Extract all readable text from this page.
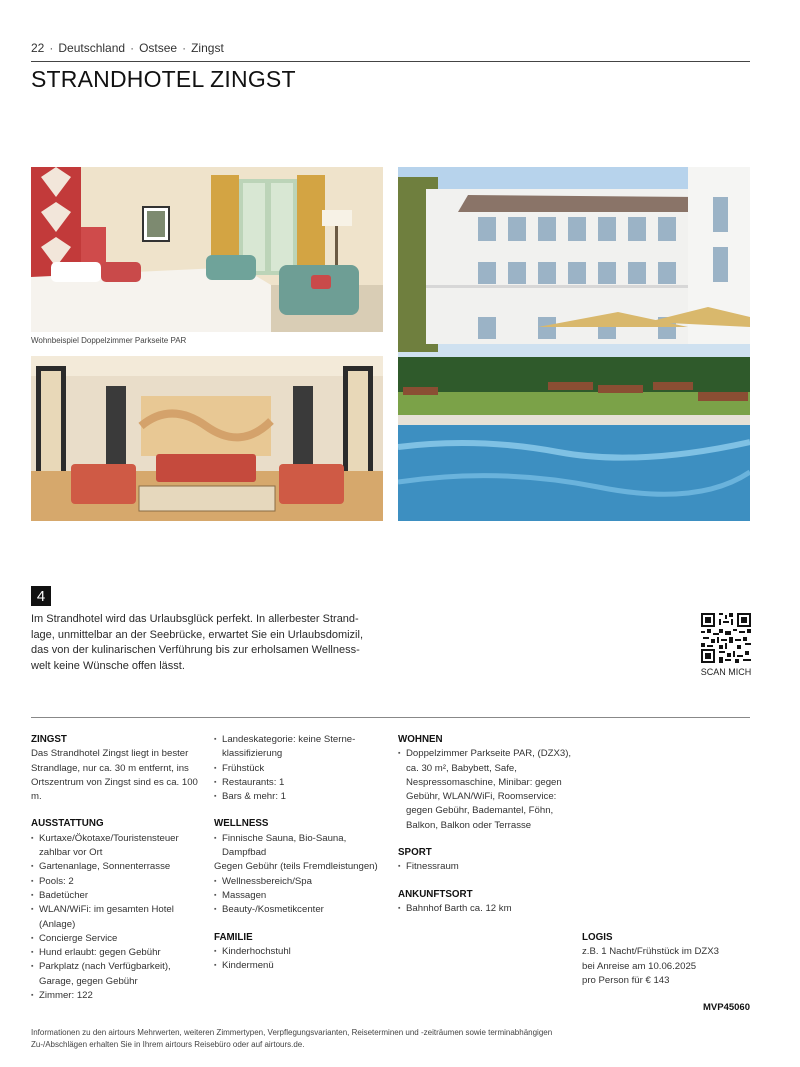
22 · Deutschland · Ostsee · Zingst
STRANDHOTEL ZINGST
Wohnbeispiel Doppelzimmer Parkseite PAR
4

Im Strandhotel wird das Urlaubsglück perfekt. In allerbester Strand-
lage, unmittelbar an der Seebrücke, erwartet Sie ein Urlaubsdomizil,
das von der kulinarischen Verführung bis zur erholsamen Wellness-
welt keine Wünsche offen lässt.

SCAN MICH
ZINGST

Das Strandhotel Zingst liegt in bester Strandlage, nur ca. 30 m entfernt, ins Ortszentrum von Zingst sind es ca. 100 m.

AUSSTATTUNG
▪ Kurtaxe/Ökotaxe/Touristensteuer zahlbar vor Ort
▪ Gartenanlage, Sonnenterrasse
▪ Pools: 2
▪ Badetücher
▪ WLAN/WiFi: im gesamten Hotel (Anlage)
▪ Concierge Service
▪ Hund erlaubt: gegen Gebühr
▪ Parkplatz (nach Verfügbarkeit), Garage, gegen Gebühr
▪ Zimmer: 122
▪ Landeskategorie: keine Sterne-klassifizierung
▪ Frühstück
▪ Restaurants: 1
▪ Bars & mehr: 1
WELLNESS
▪ Finnische Sauna, Bio-Sauna, Dampfbad
Gegen Gebühr (teils Fremdleistungen)
▪ Wellnessbereich/Spa
▪ Massagen
▪ Beauty-/Kosmetikcenter
FAMILIE
▪ Kinderhochstuhl
▪ Kindermenü
WOHNEN
▪ Doppelzimmer Parkseite PAR, (DZX3), ca. 30 m², Babybett, Safe, Nespressomaschine, Minibar: gegen Gebühr, WLAN/WiFi, Roomservice: gegen Gebühr, Bademantel, Föhn, Balkon, Balkon oder Terrasse
SPORT
▪ Fitnessraum
ANKUNFTSORT
▪ Bahnhof Barth ca. 12 km
LOGIS

z.B. 1 Nacht/Frühstück im DZX3

bei Anreise am 10.06.2025

pro Person für € 143

MVP45060

Informationen zu den airtours Mehrwerten, weiteren Zimmertypen, Verpflegungsvarianten, Reiseterminen und -zeiträumen sowie terminabhängigen Zu-/Abschlägen erhalten Sie in Ihrem airtours Reisebüro oder auf airtours.de.
